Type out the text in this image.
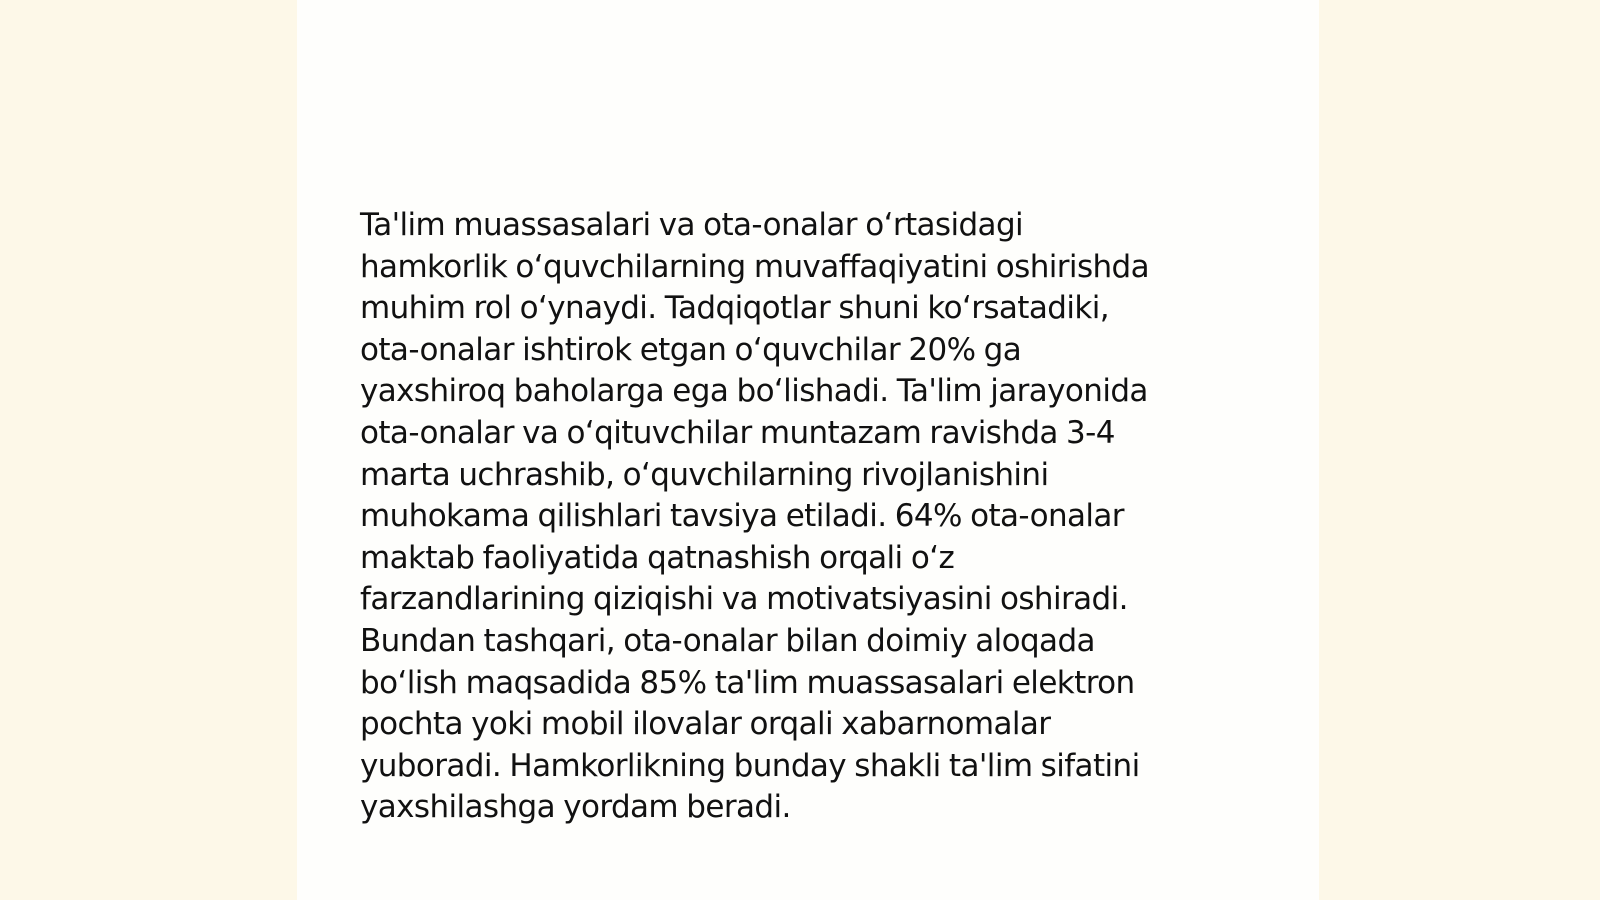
Ta'lim muassasalari va ota-onalar oʻrtasidagi
hamkorlik oʻquvchilarning muvaffaqiyatini oshirishda
muhim rol oʻynaydi. Tadqiqotlar shuni koʻrsatadiki,
ota-onalar ishtirok etgan oʻquvchilar 20% ga
yaxshiroq baholarga ega boʻlishadi. Ta'lim jarayonida
ota-onalar va oʻqituvchilar muntazam ravishda 3-4
marta uchrashib, oʻquvchilarning rivojlanishini
muhokama qilishlari tavsiya etiladi. 64% ota-onalar
maktab faoliyatida qatnashish orqali oʻz
farzandlarining qiziqishi va motivatsiyasini oshiradi.
Bundan tashqari, ota-onalar bilan doimiy aloqada
boʻlish maqsadida 85% ta'lim muassasalari elektron
pochta yoki mobil ilovalar orqali xabarnomalar
yuboradi. Hamkorlikning bunday shakli ta'lim sifatini
yaxshilashga yordam beradi.
